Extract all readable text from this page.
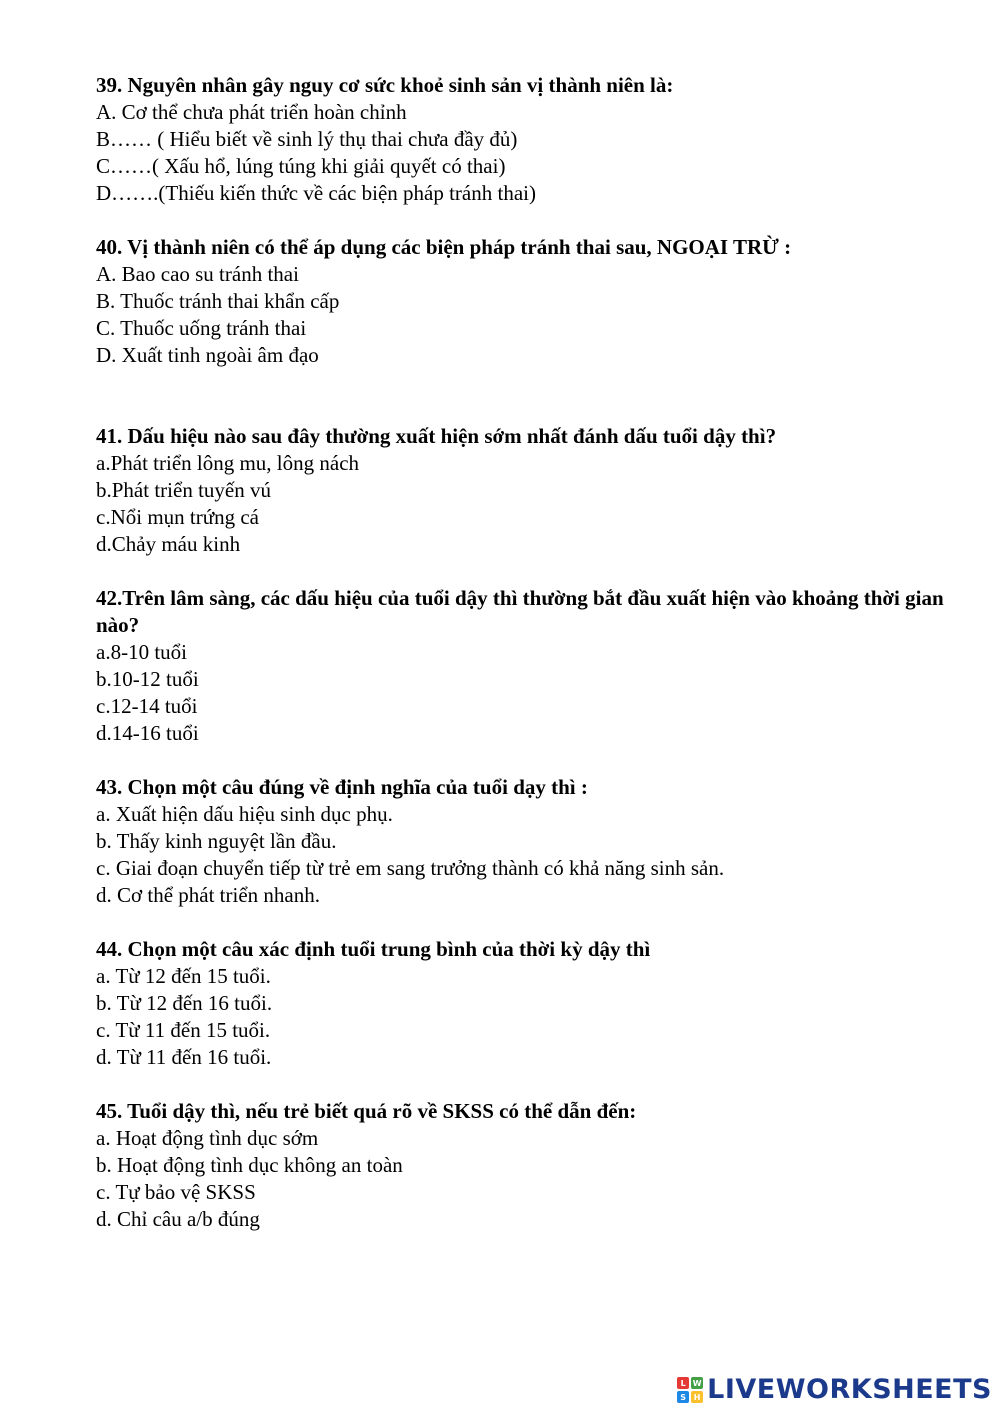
39. Nguyên nhân gây nguy cơ sức khoẻ sinh sản vị thành niên là:

A. Cơ thể chưa phát triển hoàn chỉnh
B…… ( Hiểu biết về sinh lý thụ thai chưa đầy đủ)
C……( Xấu hổ, lúng túng khi giải quyết có thai)
D…….(Thiếu kiến thức về các biện pháp tránh thai)

40. Vị thành niên có thể áp dụng các biện pháp tránh thai sau, NGOẠI TRỪ :

A. Bao cao su tránh thai
B. Thuốc tránh thai khẩn cấp
C. Thuốc uống tránh thai
D. Xuất tinh ngoài âm đạo

41. Dấu hiệu nào sau đây thường xuất hiện sớm nhất đánh dấu tuổi dậy thì?

a.Phát triển lông mu, lông nách
b.Phát triển tuyến vú
c.Nổi mụn trứng cá
d.Chảy máu kinh

42.Trên lâm sàng, các dấu hiệu của tuổi dậy thì thường bắt đầu xuất hiện vào khoảng thời gian nào?

a.8-10 tuổi
b.10-12 tuổi
c.12-14 tuổi
d.14-16 tuổi

43. Chọn một câu đúng về định nghĩa của tuổi dạy thì :

a. Xuất hiện dấu hiệu sinh dục phụ.
b. Thấy kinh nguyệt lần đầu.
c. Giai đoạn chuyển tiếp từ trẻ em sang trưởng thành có khả năng sinh sản.
d. Cơ thể phát triển nhanh.

44. Chọn một câu xác định tuổi trung bình của thời kỳ dậy thì

a. Từ 12 đến 15 tuổi.
b. Từ 12 đến 16 tuổi.
c. Từ 11 đến 15 tuổi.
d. Từ 11 đến 16 tuổi.

45. Tuổi dậy thì, nếu trẻ biết quá rõ về SKSS có thể dẫn đến:

a. Hoạt động tình dục sớm
b. Hoạt động tình dục không an toàn
c. Tự bảo vệ SKSS
d. Chỉ câu a/b đúng
L W
S H LIVEWORKSHEETS
